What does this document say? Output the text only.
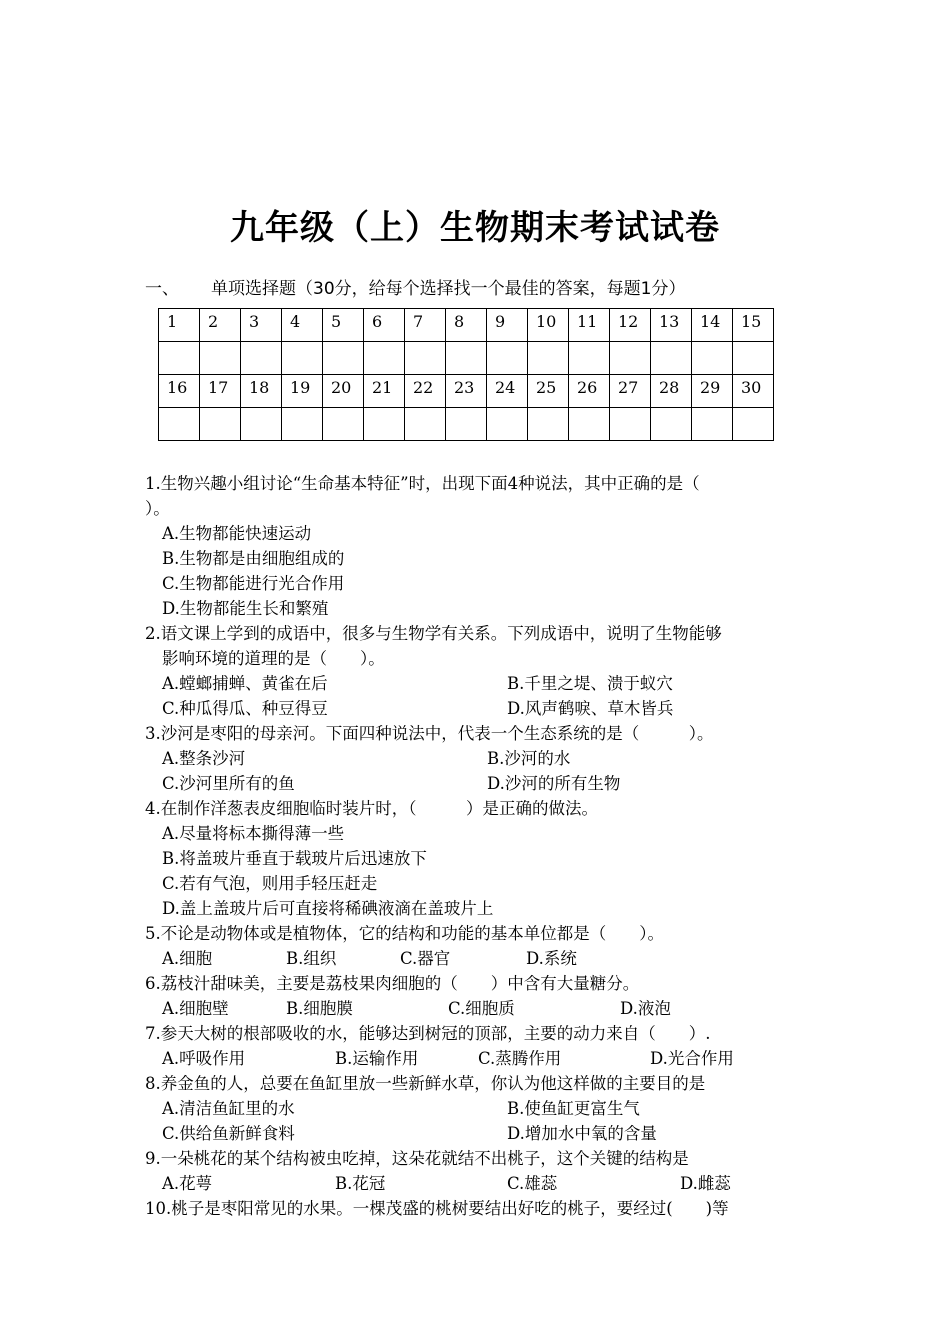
九年级（上）生物期末考试试卷
一、 单项选择题（30分，给每个选择找一个最佳的答案，每题1分）
1	2	3	4	5	6	7	8	9	10	11	12	13	14	15

16	17	18	19	20	21	22	23	24	25	26	27	28	29	30

1.生物兴趣小组讨论“生命基本特征”时，出现下面4种说法，其中正确的是（
）。
A.生物都能快速运动
B.生物都是由细胞组成的
C.生物都能进行光合作用
D.生物都能生长和繁殖
2.语文课上学到的成语中，很多与生物学有关系。下列成语中，说明了生物能够
影响环境的道理的是（　　）。
A.螳螂捕蝉、黄雀在后	B.千里之堤、溃于蚁穴
C.种瓜得瓜、种豆得豆	D.风声鹤唳、草木皆兵
3.沙河是枣阳的母亲河。下面四种说法中，代表一个生态系统的是（　　　）。
A.整条沙河	B.沙河的水
C.沙河里所有的鱼	D.沙河的所有生物
4.在制作洋葱表皮细胞临时装片时，（　　　）是正确的做法。
A.尽量将标本撕得薄一些
B.将盖玻片垂直于载玻片后迅速放下
C.若有气泡，则用手轻压赶走
D.盖上盖玻片后可直接将稀碘液滴在盖玻片上
5.不论是动物体或是植物体，它的结构和功能的基本单位都是（　　）。
A.细胞	B.组织	C.器官	D.系统
6.荔枝汁甜味美，主要是荔枝果肉细胞的（　　）中含有大量糖分。
A.细胞壁	B.细胞膜	C.细胞质	D.液泡
7.参天大树的根部吸收的水，能够达到树冠的顶部，主要的动力来自（　　）.
A.呼吸作用	B.运输作用	C.蒸腾作用	D.光合作用
8.养金鱼的人，总要在鱼缸里放一些新鲜水草，你认为他这样做的主要目的是
A.清洁鱼缸里的水	B.使鱼缸更富生气
C.供给鱼新鲜食料	D.增加水中氧的含量
9.一朵桃花的某个结构被虫吃掉，这朵花就结不出桃子，这个关键的结构是
A.花萼	B.花冠	C.雄蕊	D.雌蕊
10.桃子是枣阳常见的水果。一棵茂盛的桃树要结出好吃的桃子，要经过(　　)等
